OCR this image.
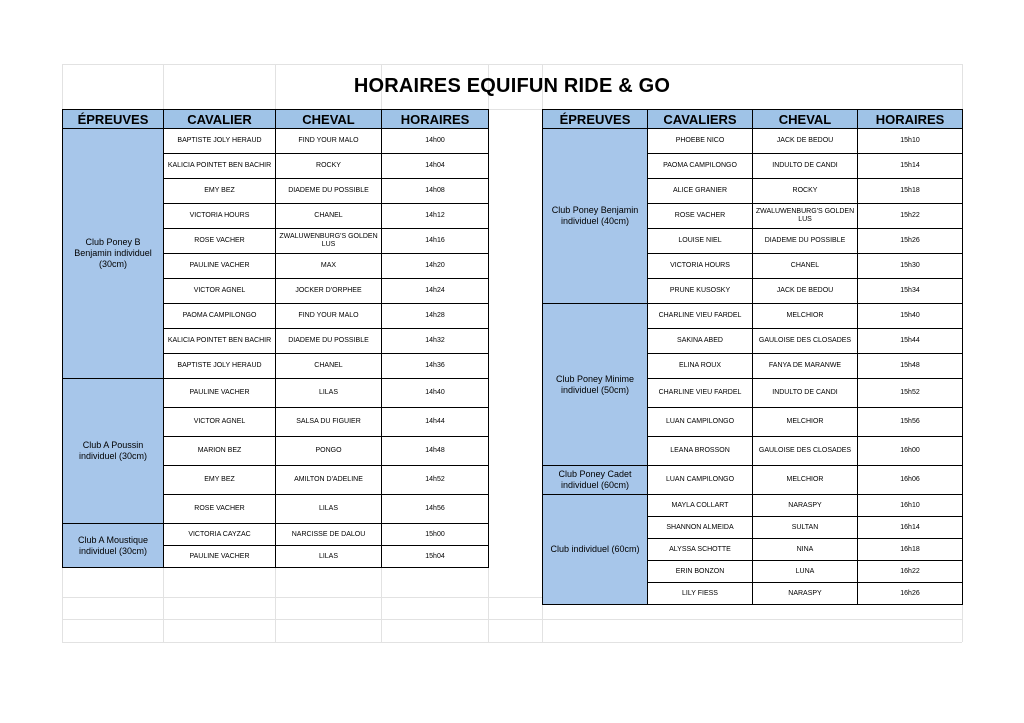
HORAIRES EQUIFUN RIDE & GO
ÉPREUVES	CAVALIER	CHEVAL	HORAIRES
Club Poney B Benjamin individuel (30cm)	BAPTISTE JOLY HERAUD	FIND YOUR MALO	14h00
	KALICIA POINTET BEN BACHIR	ROCKY	14h04
	EMY BEZ	DIADEME DU POSSIBLE	14h08
	VICTORIA HOURS	CHANEL	14h12
	ROSE VACHER	ZWALUWENBURG'S GOLDEN LUS	14h16
	PAULINE VACHER	MAX	14h20
	VICTOR AGNEL	JOCKER D'ORPHEE	14h24
	PAOMA CAMPILONGO	FIND YOUR MALO	14h28
	KALICIA POINTET BEN BACHIR	DIADEME DU POSSIBLE	14h32
	BAPTISTE JOLY HERAUD	CHANEL	14h36
Club A Poussin individuel (30cm)	PAULINE VACHER	LILAS	14h40
	VICTOR AGNEL	SALSA DU FIGUIER	14h44
	MARION BEZ	PONGO	14h48
	EMY BEZ	AMILTON D'ADELINE	14h52
	ROSE VACHER	LILAS	14h56
Club A Moustique individuel (30cm)	VICTORIA CAYZAC	NARCISSE DE DALOU	15h00
	PAULINE VACHER	LILAS	15h04
ÉPREUVES	CAVALIERS	CHEVAL	HORAIRES
Club Poney Benjamin individuel (40cm)	PHOEBE NICO	JACK DE BEDOU	15h10
	PAOMA CAMPILONGO	INDULTO DE CANDI	15h14
	ALICE GRANIER	ROCKY	15h18
	ROSE VACHER	ZWALUWENBURG'S GOLDEN LUS	15h22
	LOUISE NIEL	DIADEME DU POSSIBLE	15h26
	VICTORIA HOURS	CHANEL	15h30
	PRUNE KUSOSKY	JACK DE BEDOU	15h34
Club Poney Minime individuel (50cm)	CHARLINE VIEU FARDEL	MELCHIOR	15h40
	SAKINA ABED	GAULOISE DES CLOSADES	15h44
	ELINA ROUX	FANYA DE MARANWE	15h48
	CHARLINE VIEU FARDEL	INDULTO DE CANDI	15h52
	LUAN CAMPILONGO	MELCHIOR	15h56
	LEANA BROSSON	GAULOISE DES CLOSADES	16h00
Club Poney Cadet individuel (60cm)	LUAN CAMPILONGO	MELCHIOR	16h06
Club individuel (60cm)	MAYLA COLLART	NARASPY	16h10
	SHANNON ALMEIDA	SULTAN	16h14
	ALYSSA SCHOTTE	NINA	16h18
	ERIN BONZON	LUNA	16h22
	LILY FIESS	NARASPY	16h26
